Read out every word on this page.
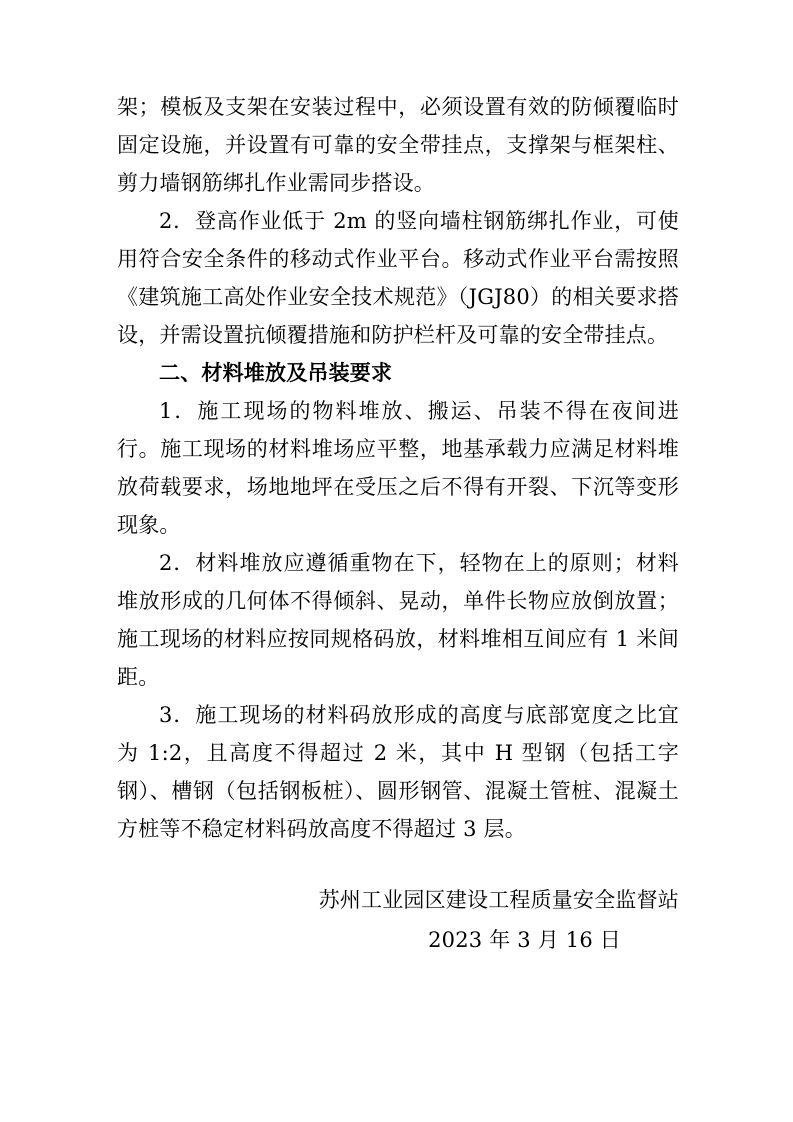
架；模板及支架在安装过程中，必须设置有效的防倾覆临时固定设施，并设置有可靠的安全带挂点，支撑架与框架柱、剪力墙钢筋绑扎作业需同步搭设。

2．登高作业低于 2m 的竖向墙柱钢筋绑扎作业，可使用符合安全条件的移动式作业平台。移动式作业平台需按照《建筑施工高处作业安全技术规范》（JGJ80）的相关要求搭设，并需设置抗倾覆措施和防护栏杆及可靠的安全带挂点。

二、材料堆放及吊装要求

1．施工现场的物料堆放、搬运、吊装不得在夜间进行。施工现场的材料堆场应平整，地基承载力应满足材料堆放荷载要求，场地地坪在受压之后不得有开裂、下沉等变形现象。

2．材料堆放应遵循重物在下，轻物在上的原则；材料堆放形成的几何体不得倾斜、晃动，单件长物应放倒放置；施工现场的材料应按同规格码放，材料堆相互间应有 1 米间距。

3．施工现场的材料码放形成的高度与底部宽度之比宜为 1:2，且高度不得超过 2 米，其中 H 型钢（包括工字钢）、槽钢（包括钢板桩）、圆形钢管、混凝土管桩、混凝土方桩等不稳定材料码放高度不得超过 3 层。

苏州工业园区建设工程质量安全监督站

2023 年 3 月 16 日
